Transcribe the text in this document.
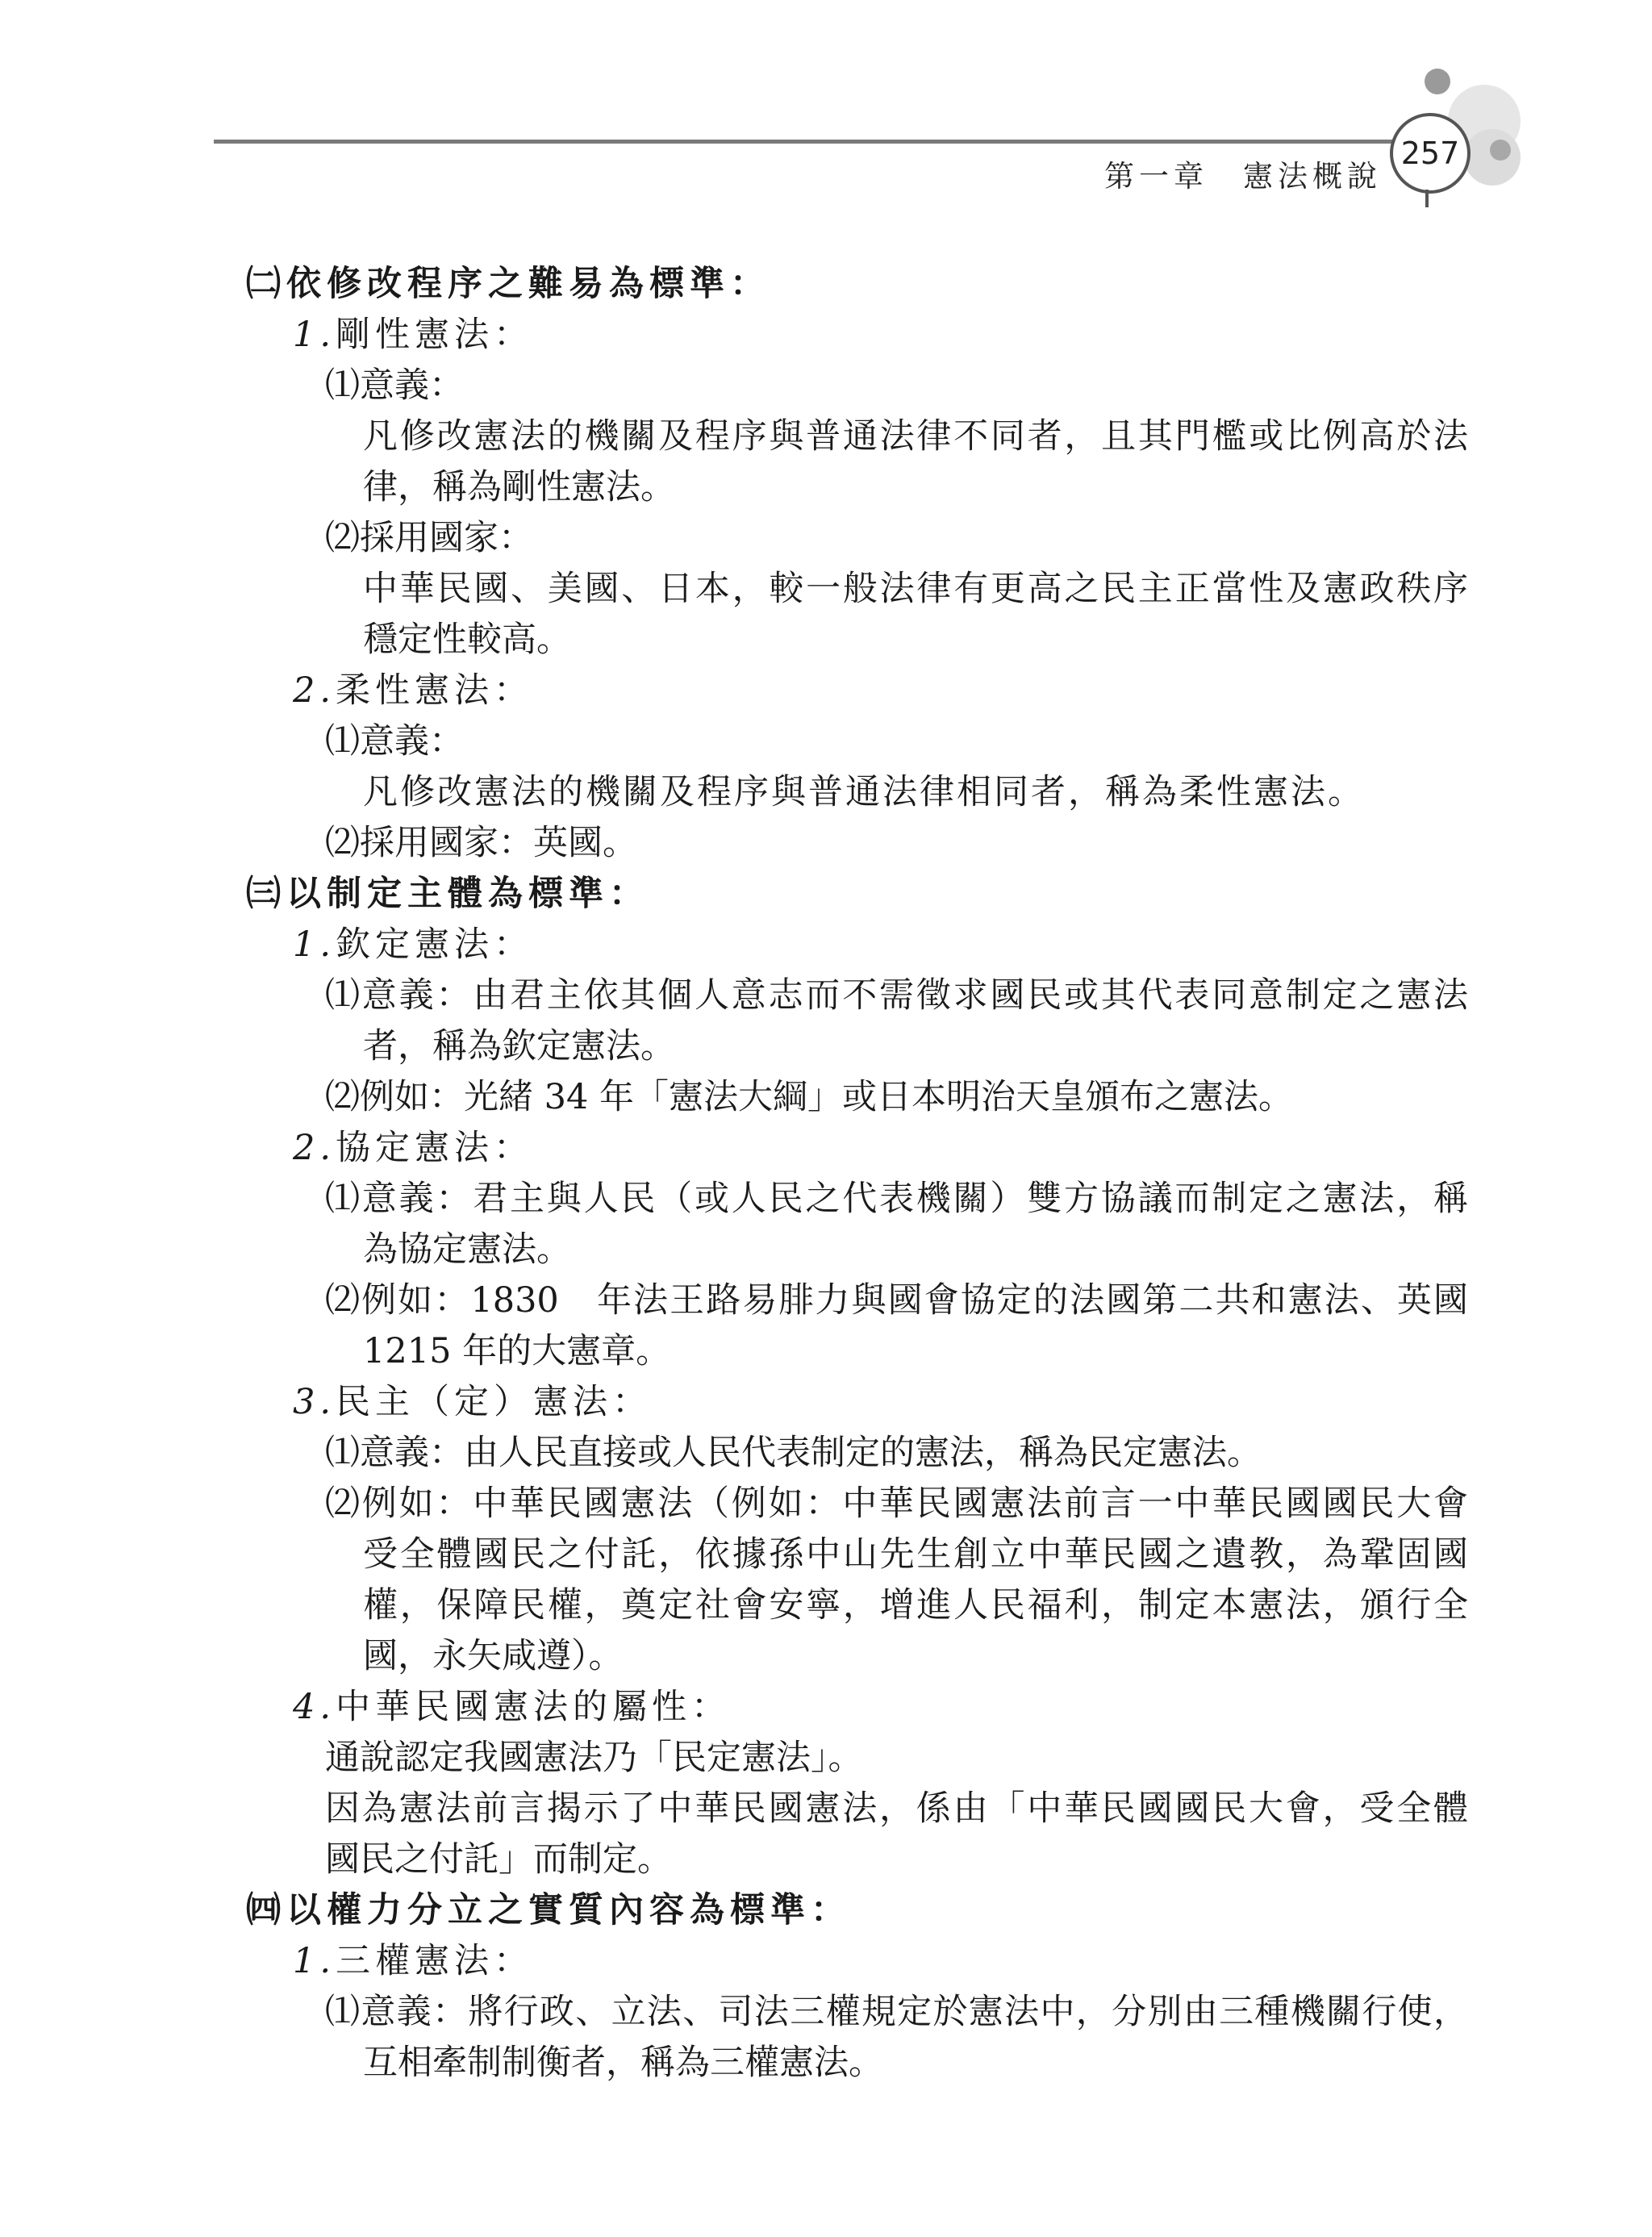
第一章　憲法概說
257
㈡依修改程序之難易為標準：
1.剛性憲法：
⑴意義：
凡修改憲法的機關及程序與普通法律不同者，且其門檻或比例高於法
律，稱為剛性憲法。
⑵採用國家：
中華民國、美國、日本，較一般法律有更高之民主正當性及憲政秩序
穩定性較高。
2.柔性憲法：
⑴意義：
凡修改憲法的機關及程序與普通法律相同者，稱為柔性憲法。
⑵採用國家：英國。
㈢以制定主體為標準：
1.欽定憲法：
⑴意義：由君主依其個人意志而不需徵求國民或其代表同意制定之憲法
者，稱為欽定憲法。
⑵例如：光緒 34 年「憲法大綱」或日本明治天皇頒布之憲法。
2.協定憲法：
⑴意義：君主與人民（或人民之代表機關）雙方協議而制定之憲法，稱
為協定憲法。
⑵例如：1830　年法王路易腓力與國會協定的法國第二共和憲法、英國
1215 年的大憲章。
3.民主（定）憲法：
⑴意義：由人民直接或人民代表制定的憲法，稱為民定憲法。
⑵例如：中華民國憲法（例如：中華民國憲法前言一中華民國國民大會
受全體國民之付託，依據孫中山先生創立中華民國之遺教，為鞏固國
權，保障民權，奠定社會安寧，增進人民福利，制定本憲法，頒行全
國，永矢咸遵）。
4.中華民國憲法的屬性：
通說認定我國憲法乃「民定憲法」。
因為憲法前言揭示了中華民國憲法，係由「中華民國國民大會，受全體
國民之付託」而制定。
㈣以權力分立之實質內容為標準：
1.三權憲法：
⑴意義：將行政、立法、司法三權規定於憲法中，分別由三種機關行使，
互相牽制制衡者，稱為三權憲法。
